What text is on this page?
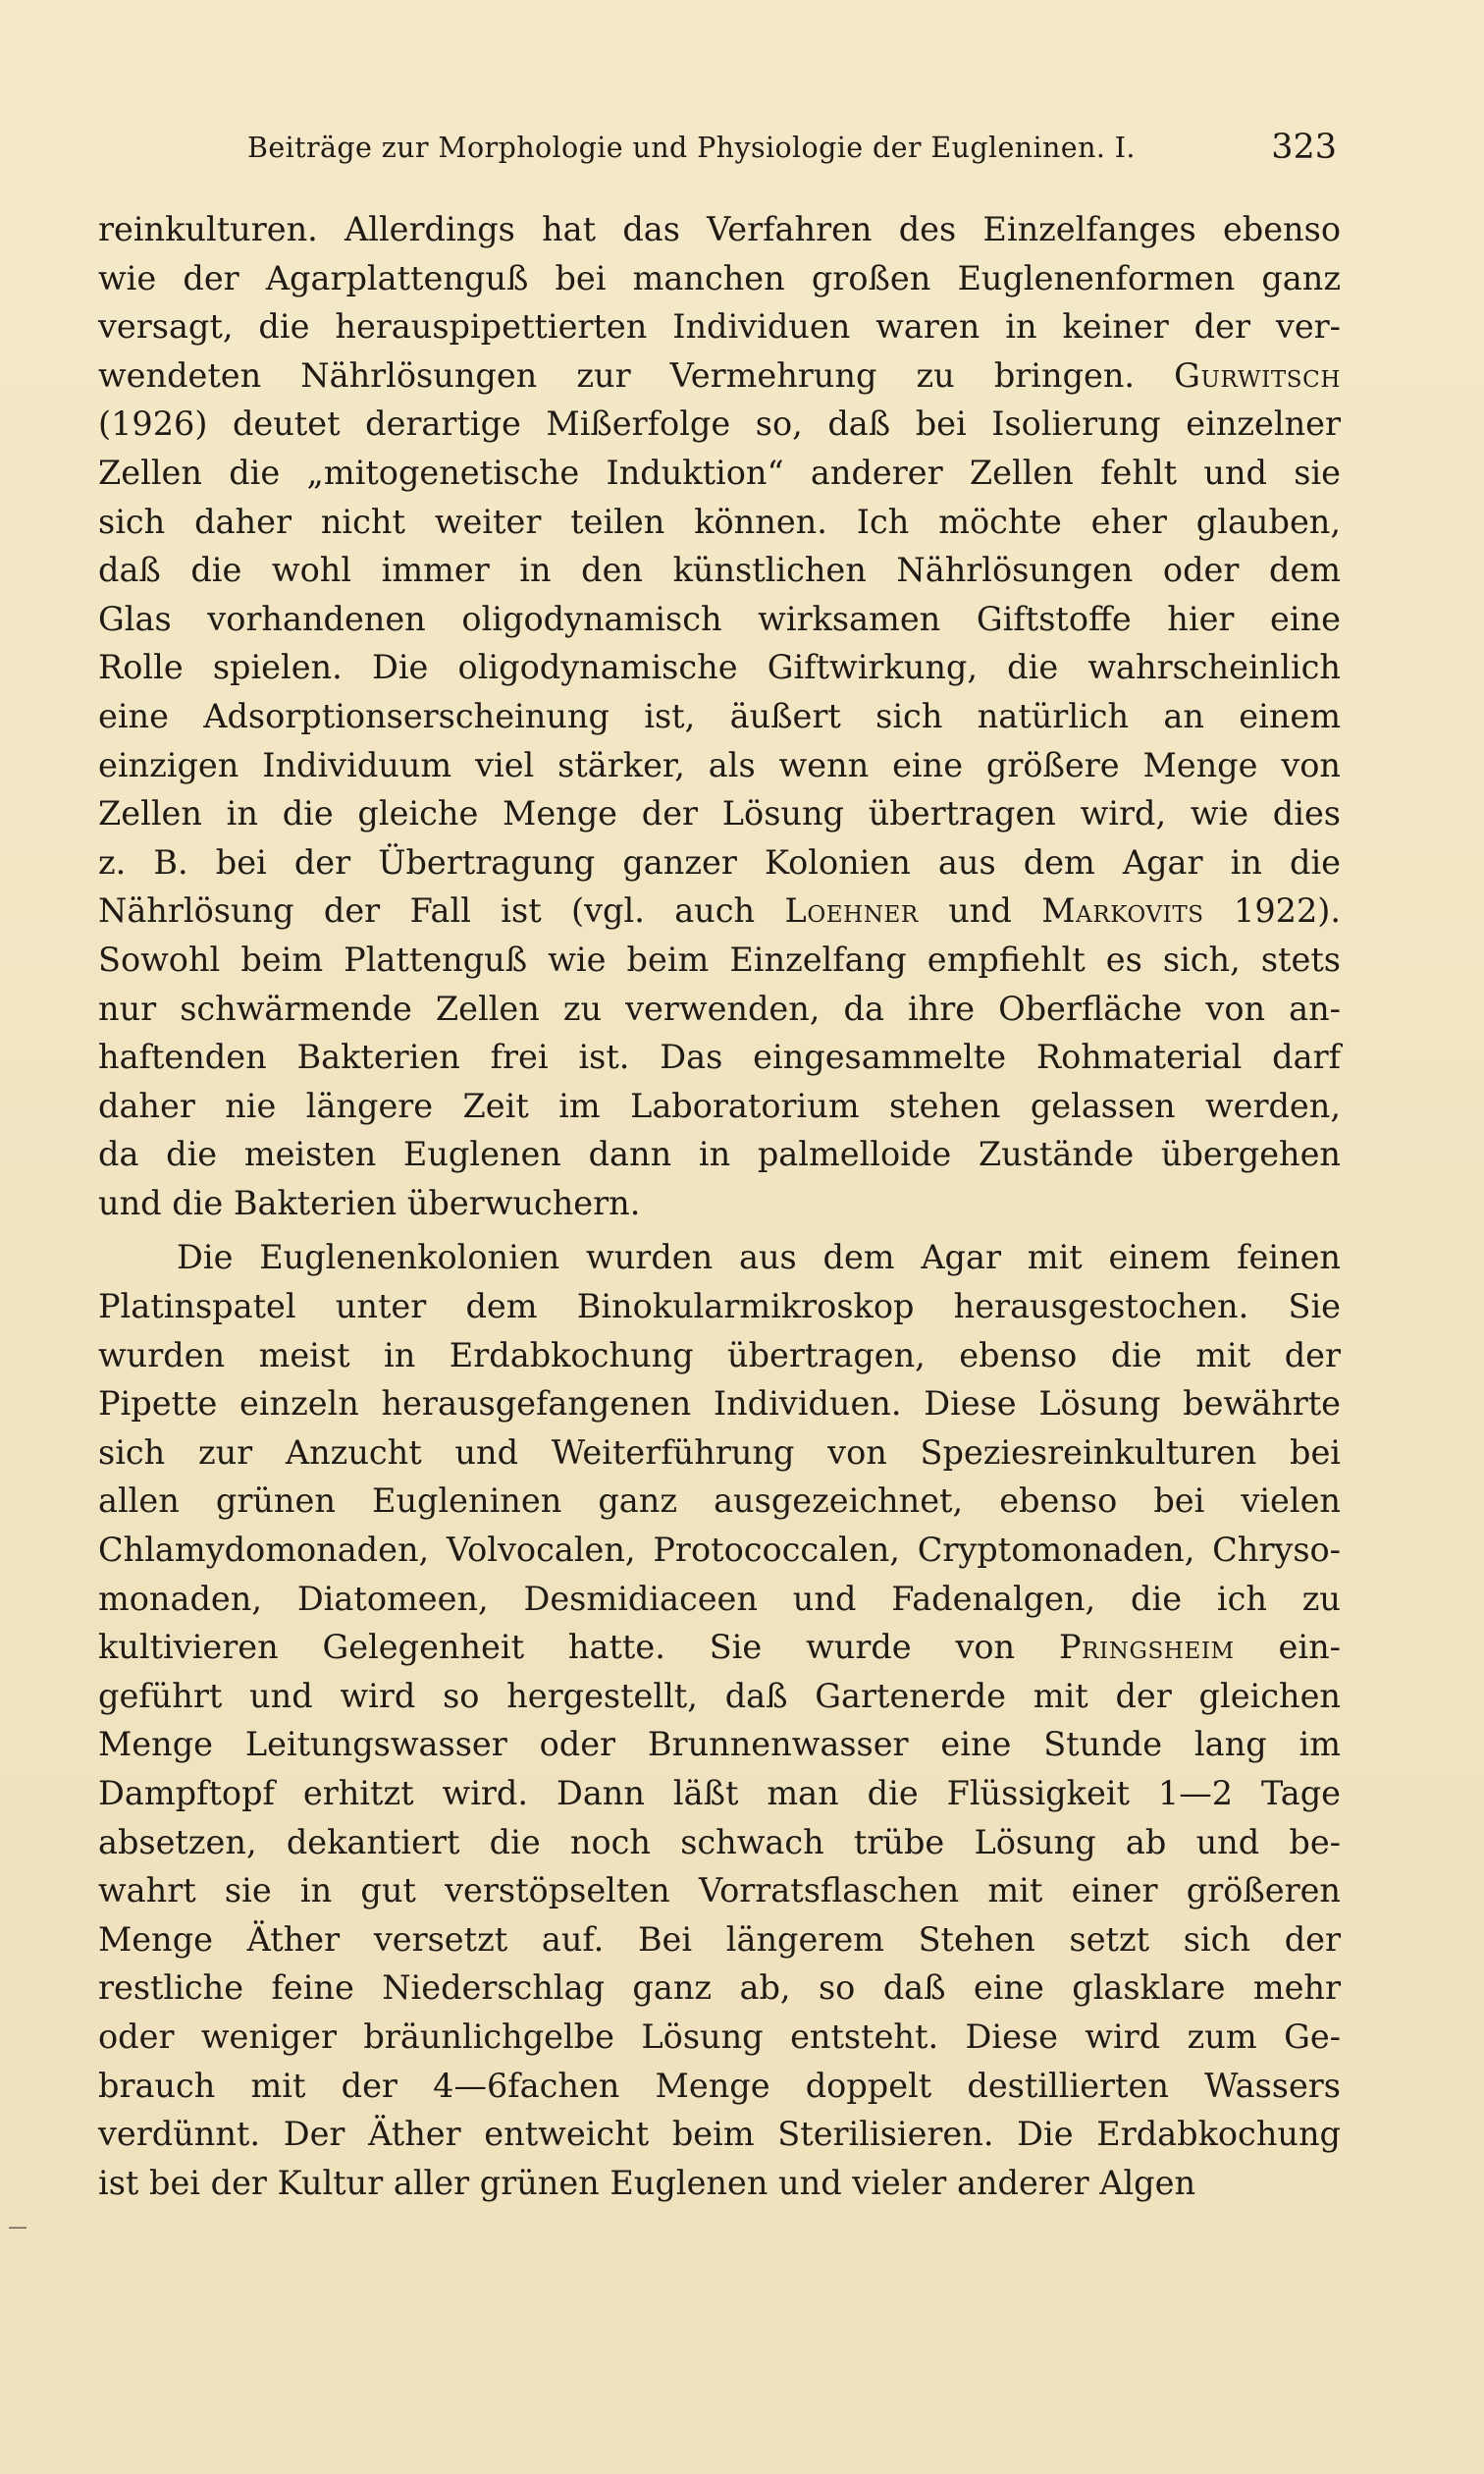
Beiträge zur Morphologie und Physiologie der Eugleninen. I.	323
reinkulturen. Allerdings hat das Verfahren des Einzelfanges ebenso
wie der Agarplattenguß bei manchen großen Euglenenformen ganz
versagt, die herauspipettierten Individuen waren in keiner der ver-
wendeten Nährlösungen zur Vermehrung zu bringen. Gurwitsch
(1926) deutet derartige Mißerfolge so, daß bei Isolierung einzelner
Zellen die „mitogenetische Induktion“ anderer Zellen fehlt und sie
sich daher nicht weiter teilen können. Ich möchte eher glauben,
daß die wohl immer in den künstlichen Nährlösungen oder dem
Glas vorhandenen oligodynamisch wirksamen Giftstoffe hier eine
Rolle spielen. Die oligodynamische Giftwirkung, die wahrscheinlich
eine Adsorptionserscheinung ist, äußert sich natürlich an einem
einzigen Individuum viel stärker, als wenn eine größere Menge von
Zellen in die gleiche Menge der Lösung übertragen wird, wie dies
z. B. bei der Übertragung ganzer Kolonien aus dem Agar in die
Nährlösung der Fall ist (vgl. auch Loehner und Markovits 1922).
Sowohl beim Plattenguß wie beim Einzelfang empfiehlt es sich, stets
nur schwärmende Zellen zu verwenden, da ihre Oberfläche von an-
haftenden Bakterien frei ist. Das eingesammelte Rohmaterial darf
daher nie längere Zeit im Laboratorium stehen gelassen werden,
da die meisten Euglenen dann in palmelloide Zustände übergehen
und die Bakterien überwuchern.
Die Euglenenkolonien wurden aus dem Agar mit einem feinen
Platinspatel unter dem Binokularmikroskop herausgestochen. Sie
wurden meist in Erdabkochung übertragen, ebenso die mit der
Pipette einzeln herausgefangenen Individuen. Diese Lösung bewährte
sich zur Anzucht und Weiterführung von Speziesreinkulturen bei
allen grünen Eugleninen ganz ausgezeichnet, ebenso bei vielen
Chlamydomonaden, Volvocalen, Protococcalen, Cryptomonaden, Chryso-
monaden, Diatomeen, Desmidiaceen und Fadenalgen, die ich zu
kultivieren Gelegenheit hatte. Sie wurde von Pringsheim ein-
geführt und wird so hergestellt, daß Gartenerde mit der gleichen
Menge Leitungswasser oder Brunnenwasser eine Stunde lang im
Dampftopf erhitzt wird. Dann läßt man die Flüssigkeit 1—2 Tage
absetzen, dekantiert die noch schwach trübe Lösung ab und be-
wahrt sie in gut verstöpselten Vorratsflaschen mit einer größeren
Menge Äther versetzt auf. Bei längerem Stehen setzt sich der
restliche feine Niederschlag ganz ab, so daß eine glasklare mehr
oder weniger bräunlichgelbe Lösung entsteht. Diese wird zum Ge-
brauch mit der 4—6fachen Menge doppelt destillierten Wassers
verdünnt. Der Äther entweicht beim Sterilisieren. Die Erdabkochung
ist bei der Kultur aller grünen Euglenen und vieler anderer Algen
—
